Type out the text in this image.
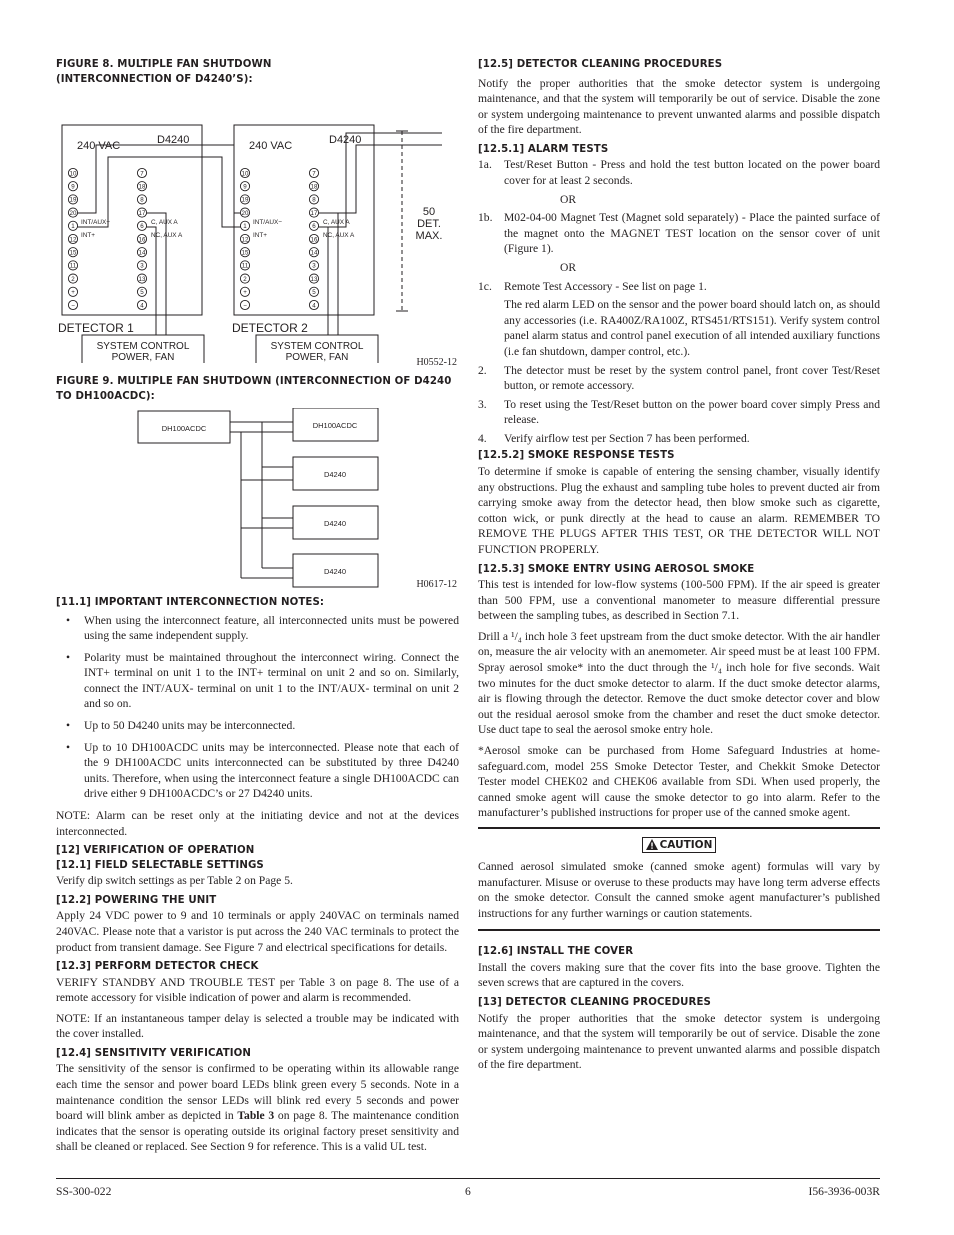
FIGURE 8. MULTIPLE FAN SHUTDOWN
(INTERCONNECTION OF D4240’S):
10
9
19
20
1
12
15
11
2
+
−
7
18
8
17
6
16
14
3
13
5
4
INT/AUX−
INT+
C, AUX A
NC, AUX A
10
9
19
20
1
12
15
11
2
+
−
7
18
8
17
6
16
14
3
13
5
4
INT/AUX−
INT+
C, AUX A
NC, AUX A
240 VAC	D4240	240 VAC	D4240
DETECTOR 1	DETECTOR 2
SYSTEM CONTROL
POWER, FAN
SYSTEM CONTROL
POWER, FAN
50
DET.
MAX.
H0552-12
FIGURE 9. MULTIPLE FAN SHUTDOWN (INTERCONNECTION OF D4240
TO DH100ACDC):
DH100ACDC	DH100ACDC
D4240
D4240
D4240
H0617-12
[11.1] IMPORTANT INTERCONNECTION NOTES:
• When using the interconnect feature, all interconnected units must be powered using the same independent supply.
• Polarity must be maintained throughout the interconnect wiring. Connect the INT+ terminal on unit 1 to the INT+ terminal on unit 2 and so on. Similarly, connect the INT/AUX- terminal on unit 1 to the INT/AUX- terminal on unit 2 and so on.
• Up to 50 D4240 units may be interconnected.
• Up to 10 DH100ACDC units may be interconnected. Please note that each of the 9 DH100ACDC units interconnected can be substituted by three D4240 units. Therefore, when using the interconnect feature a single DH100ACDC can drive either 9 DH100ACDC’s or 27 D4240 units.

NOTE: Alarm can be reset only at the initiating device and not at the devices interconnected.

[12] VERIFICATION OF OPERATION
[12.1] FIELD SELECTABLE SETTINGS

Verify dip switch settings as per Table 2 on Page 5.

[12.2] POWERING THE UNIT

Apply 24 VDC power to 9 and 10 terminals or apply 240VAC on terminals named 240VAC. Please note that a varistor is put across the 240 VAC terminals to protect the product from transient damage. See Figure 7 and electrical specifications for details.

[12.3] PERFORM DETECTOR CHECK

VERIFY STANDBY AND TROUBLE TEST per Table 3 on page 8. The use of a remote accessory for visible indication of power and alarm is recommended.

NOTE: If an instantaneous tamper delay is selected a trouble may be indicated with the cover installed.

[12.4] SENSITIVITY VERIFICATION

The sensitivity of the sensor is confirmed to be operating within its allowable range each time the sensor and power board LEDs blink green every 5 seconds. Note in a maintenance condition the sensor LEDs will blink red every 5 seconds and power board will blink amber as depicted in Table 3 on page 8. The maintenance condition indicates that the sensor is operating outside its original factory preset sensitivity and shall be cleaned or replaced. See Section 9 for reference. This is a valid UL test.

[12.5] DETECTOR CLEANING PROCEDURES

Notify the proper authorities that the smoke detector system is undergoing maintenance, and that the system will temporarily be out of service. Disable the zone or system undergoing maintenance to prevent unwanted alarms and possible dispatch of the fire department.

[12.5.1] ALARM TESTS
1a.	Test/Reset Button - Press and hold the test button located on the power board cover for at least 2 seconds.
OR
1b. M02-04-00 Magnet Test (Magnet sold separately) - Place the painted surface of the magnet onto the MAGNET TEST location on the sensor cover of unit (Figure 1).
OR
1c.	Remote Test Accessory - See list on page 1.
The red alarm LED on the sensor and the power board should latch on, as should any accessories (i.e. RA400Z/RA100Z, RTS451/RTS151). Verify system control panel alarm status and control panel execution of all intended auxiliary functions (i.e fan shutdown, damper control, etc.).
2.	The detector must be reset by the system control panel, front cover Test/Reset button, or remote accessory.
3.	To reset using the Test/Reset button on the power board cover simply Press and release.
4.	Verify airflow test per Section 7 has been performed.
[12.5.2] SMOKE RESPONSE TESTS

To determine if smoke is capable of entering the sensing chamber, visually identify any obstructions. Plug the exhaust and sampling tube holes to prevent ducted air from carrying smoke away from the detector head, then blow smoke such as cigarette, cotton wick, or punk directly at the head to cause an alarm. REMEMBER TO REMOVE THE PLUGS AFTER THIS TEST, OR THE DETECTOR WILL NOT FUNCTION PROPERLY.

[12.5.3] SMOKE ENTRY USING AEROSOL SMOKE

This test is intended for low-flow systems (100-500 FPM). If the air speed is greater than 500 FPM, use a conventional manometer to measure differential pressure between the sampling tubes, as described in Section 7.1.

Drill a ¹/₄ inch hole 3 feet upstream from the duct smoke detector. With the air handler on, measure the air velocity with an anemometer. Air speed must be at least 100 FPM. Spray aerosol smoke* into the duct through the ¹/₄ inch hole for five seconds. Wait two minutes for the duct smoke detector to alarm. If the duct smoke detector alarms, air is flowing through the detector. Remove the duct smoke detector cover and blow out the residual aerosol smoke from the chamber and reset the duct smoke detector. Use duct tape to seal the aerosol smoke entry hole.

*Aerosol smoke can be purchased from Home Safeguard Industries at home-safeguard.com, model 25S Smoke Detector Tester, and Chekkit Smoke Detector Tester model CHEK02 and CHEK06 available from SDi. When used properly, the canned smoke agent will cause the smoke detector to go into alarm. Refer to the manufacturer’s published instructions for proper use of the canned smoke agent.

CAUTION

Canned aerosol simulated smoke (canned smoke agent) formulas will vary by manufacturer. Misuse or overuse to these products may have long term adverse effects on the smoke detector. Consult the canned smoke agent manufacturer’s published instructions for any further warnings or caution statements.

[12.6] INSTALL THE COVER

Install the covers making sure that the cover fits into the base groove. Tighten the seven screws that are captured in the covers.

[13] DETECTOR CLEANING PROCEDURES

Notify the proper authorities that the smoke detector system is undergoing maintenance, and that the system will temporarily be out of service. Disable the zone or system undergoing maintenance to prevent unwanted alarms and possible dispatch of the fire department.

SS-300-022	6	I56-3936-003R
